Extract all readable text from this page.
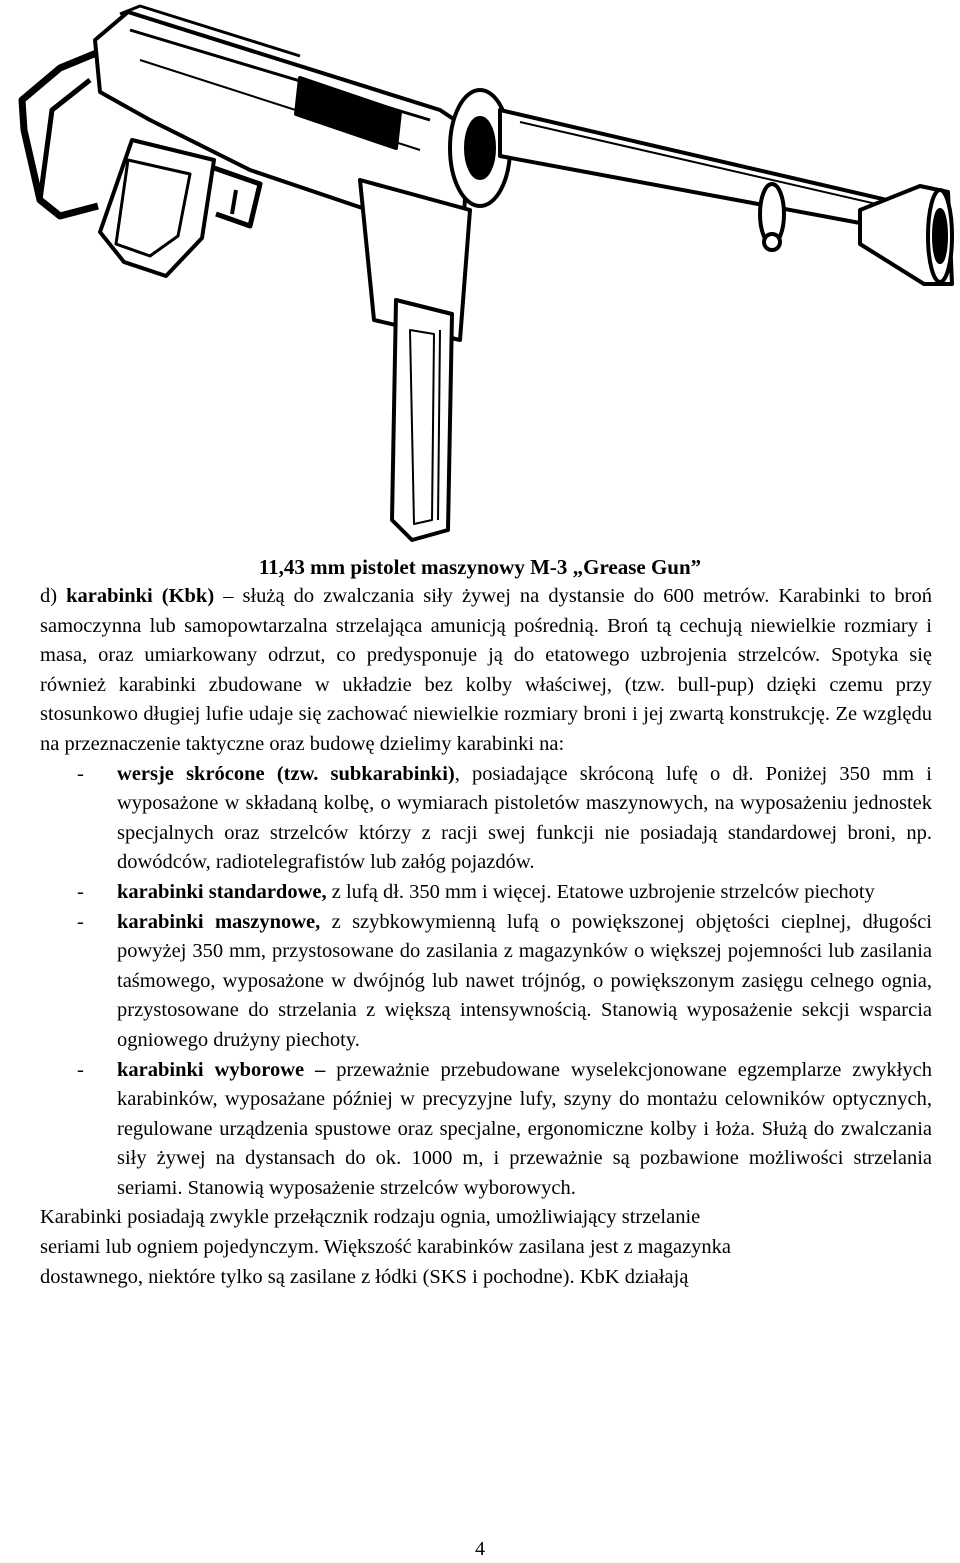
11,43 mm pistolet maszynowy M-3 „Grease Gun”
d) karabinki (Kbk) – służą do zwalczania siły żywej na dystansie do 600 metrów. Karabinki to broń samoczynna lub samopowtarzalna strzelająca amunicją pośrednią. Broń tą cechują niewielkie rozmiary i masa, oraz umiarkowany odrzut, co predysponuje ją do etatowego uzbrojenia strzelców. Spotyka się również karabinki zbudowane w układzie bez kolby właściwej, (tzw. bull-pup) dzięki czemu przy stosunkowo długiej lufie udaje się zachować niewielkie rozmiary broni i jej zwartą konstrukcję. Ze względu na przeznaczenie taktyczne oraz budowę dzielimy karabinki na:
- wersje skrócone (tzw. subkarabinki), posiadające skróconą lufę o dł. Poniżej 350 mm i wyposażone w składaną kolbę, o wymiarach pistoletów maszynowych, na wyposażeniu jednostek specjalnych oraz strzelców którzy z racji swej funkcji nie posiadają standardowej broni, np. dowódców, radiotelegrafistów lub załóg pojazdów.
- karabinki standardowe, z lufą dł. 350 mm i więcej. Etatowe uzbrojenie strzelców piechoty
- karabinki maszynowe, z szybkowymienną lufą o powiększonej objętości cieplnej, długości powyżej 350 mm, przystosowane do zasilania z magazynków o większej pojemności lub zasilania taśmowego, wyposażone w dwójnóg lub nawet trójnóg, o powiększonym zasięgu celnego ognia, przystosowane do strzelania z większą intensywnością. Stanowią wyposażenie sekcji wsparcia ogniowego drużyny piechoty.
- karabinki wyborowe – przeważnie przebudowane wyselekcjonowane egzemplarze zwykłych karabinków, wyposażane później w precyzyjne lufy, szyny do montażu celowników optycznych, regulowane urządzenia spustowe oraz specjalne, ergonomiczne kolby i łoża. Służą do zwalczania siły żywej na dystansach do ok. 1000 m, i przeważnie są pozbawione możliwości strzelania seriami. Stanowią wyposażenie strzelców wyborowych.
Karabinki posiadają zwykle przełącznik rodzaju ognia, umożliwiający strzelanie
seriami lub ogniem pojedynczym. Większość karabinków zasilana jest z magazynka
dostawnego, niektóre tylko są zasilane z łódki (SKS i pochodne). KbK działają
4
